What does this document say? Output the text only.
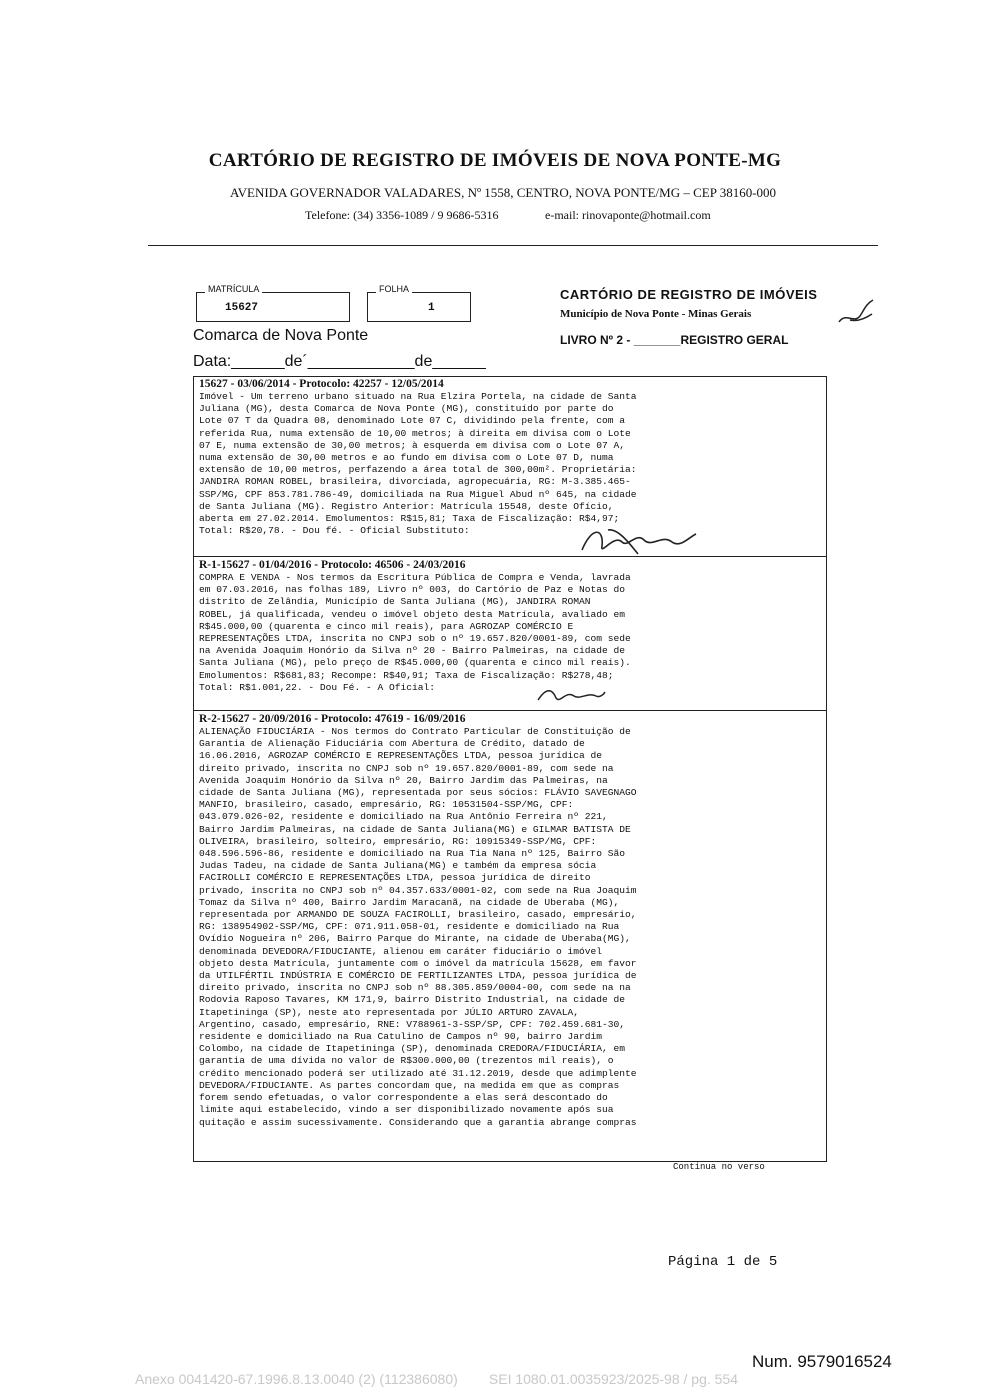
CARTÓRIO DE REGISTRO DE IMÓVEIS DE NOVA PONTE-MG
AVENIDA GOVERNADOR VALADARES, Nº 1558, CENTRO, NOVA PONTE/MG – CEP 38160-000
Telefone: (34) 3356-1089 / 9 9686-5316	e-mail: rinovaponte@hotmail.com
MATRÍCULA
15627
FOLHA
1
CARTÓRIO DE REGISTRO DE IMÓVEIS
Município de Nova Ponte - Minas Gerais
LIVRO Nº 2 - _______REGISTRO GERAL
Comarca de Nova Ponte
Data:______de´____________de______
15627 - 03/06/2014 - Protocolo: 42257 - 12/05/2014
Imóvel - Um terreno urbano situado na Rua Elzira Portela, na cidade de Santa
Juliana (MG), desta Comarca de Nova Ponte (MG), constituído por parte do
Lote 07 T da Quadra 08, denominado Lote 07 C, dividindo pela frente, com a
referida Rua, numa extensão de 10,00 metros; à direita em divisa com o Lote
07 E, numa extensão de 30,00 metros; à esquerda em divisa com o Lote 07 A,
numa extensão de 30,00 metros e ao fundo em divisa com o Lote 07 D, numa
extensão de 10,00 metros, perfazendo a área total de 300,00m². Proprietária:
JANDIRA ROMAN ROBEL, brasileira, divorciada, agropecuária, RG: M-3.385.465-
SSP/MG, CPF 853.781.786-49, domiciliada na Rua Miguel Abud nº 645, na cidade
de Santa Juliana (MG). Registro Anterior: Matrícula 15548, deste Ofício,
aberta em 27.02.2014. Emolumentos: R$15,81; Taxa de Fiscalização: R$4,97;
Total: R$20,78. - Dou fé. - Oficial Substituto:
R-1-15627 - 01/04/2016 - Protocolo: 46506 - 24/03/2016
COMPRA E VENDA - Nos termos da Escritura Pública de Compra e Venda, lavrada
em 07.03.2016, nas folhas 189, Livro nº 003, do Cartório de Paz e Notas do
distrito de Zelândia, Município de Santa Juliana (MG), JANDIRA ROMAN
ROBEL, já qualificada, vendeu o imóvel objeto desta Matrícula, avaliado em
R$45.000,00 (quarenta e cinco mil reais), para AGROZAP COMÉRCIO E
REPRESENTAÇÕES LTDA, inscrita no CNPJ sob o nº 19.657.820/0001-89, com sede
na Avenida Joaquim Honório da Silva nº 20 - Bairro Palmeiras, na cidade de
Santa Juliana (MG), pelo preço de R$45.000,00 (quarenta e cinco mil reais).
Emolumentos: R$681,83; Recompe: R$40,91; Taxa de Fiscalização: R$278,48;
Total: R$1.001,22. - Dou Fé. - A Oficial:
R-2-15627 - 20/09/2016 - Protocolo: 47619 - 16/09/2016
ALIENAÇÃO FIDUCIÁRIA - Nos termos do Contrato Particular de Constituição de
Garantia de Alienação Fiduciária com Abertura de Crédito, datado de
16.06.2016, AGROZAP COMÉRCIO E REPRESENTAÇÕES LTDA, pessoa jurídica de
direito privado, inscrita no CNPJ sob nº 19.657.820/0001-89, com sede na
Avenida Joaquim Honório da Silva nº 20, Bairro Jardim das Palmeiras, na
cidade de Santa Juliana (MG), representada por seus sócios: FLÁVIO SAVEGNAGO
MANFIO, brasileiro, casado, empresário, RG: 10531504-SSP/MG, CPF:
043.079.026-02, residente e domiciliado na Rua Antônio Ferreira nº 221,
Bairro Jardim Palmeiras, na cidade de Santa Juliana(MG) e GILMAR BATISTA DE
OLIVEIRA, brasileiro, solteiro, empresário, RG: 10915349-SSP/MG, CPF:
048.596.596-86, residente e domiciliado na Rua Tia Nana nº 125, Bairro São
Judas Tadeu, na cidade de Santa Juliana(MG) e também da empresa sócia
FACIROLLI COMÉRCIO E REPRESENTAÇÕES LTDA, pessoa jurídica de direito
privado, inscrita no CNPJ sob nº 04.357.633/0001-02, com sede na Rua Joaquim
Tomaz da Silva nº 400, Bairro Jardim Maracanã, na cidade de Uberaba (MG),
representada por ARMANDO DE SOUZA FACIROLLI, brasileiro, casado, empresário,
RG: 138954902-SSP/MG, CPF: 071.911.058-01, residente e domiciliado na Rua
Ovídio Nogueira nº 206, Bairro Parque do Mirante, na cidade de Uberaba(MG),
denominada DEVEDORA/FIDUCIANTE, alienou em caráter fiduciário o imóvel
objeto desta Matrícula, juntamente com o imóvel da matrícula 15628, em favor
da UTILFÉRTIL INDÚSTRIA E COMÉRCIO DE FERTILIZANTES LTDA, pessoa jurídica de
direito privado, inscrita no CNPJ sob nº 88.305.859/0004-00, com sede na na
Rodovia Raposo Tavares, KM 171,9, bairro Distrito Industrial, na cidade de
Itapetininga (SP), neste ato representada por JÚLIO ARTURO ZAVALA,
Argentino, casado, empresário, RNE: V788961-3-SSP/SP, CPF: 702.459.681-30,
residente e domiciliado na Rua Catulino de Campos nº 90, bairro Jardim
Colombo, na cidade de Itapetininga (SP), denominada CREDORA/FIDUCIÁRIA, em
garantia de uma dívida no valor de R$300.000,00 (trezentos mil reais), o
crédito mencionado poderá ser utilizado até 31.12.2019, desde que adimplente
DEVEDORA/FIDUCIANTE. As partes concordam que, na medida em que as compras
forem sendo efetuadas, o valor correspondente a elas será descontado do
limite aqui estabelecido, vindo a ser disponibilizado novamente após sua
quitação e assim sucessivamente. Considerando que a garantia abrange compras
Continua no verso
Página 1 de 5
Num. 9579016524
Anexo 0041420-67.1996.8.13.0040 (2) (112386080)        SEI 1080.01.0035923/2025-98 / pg. 554
